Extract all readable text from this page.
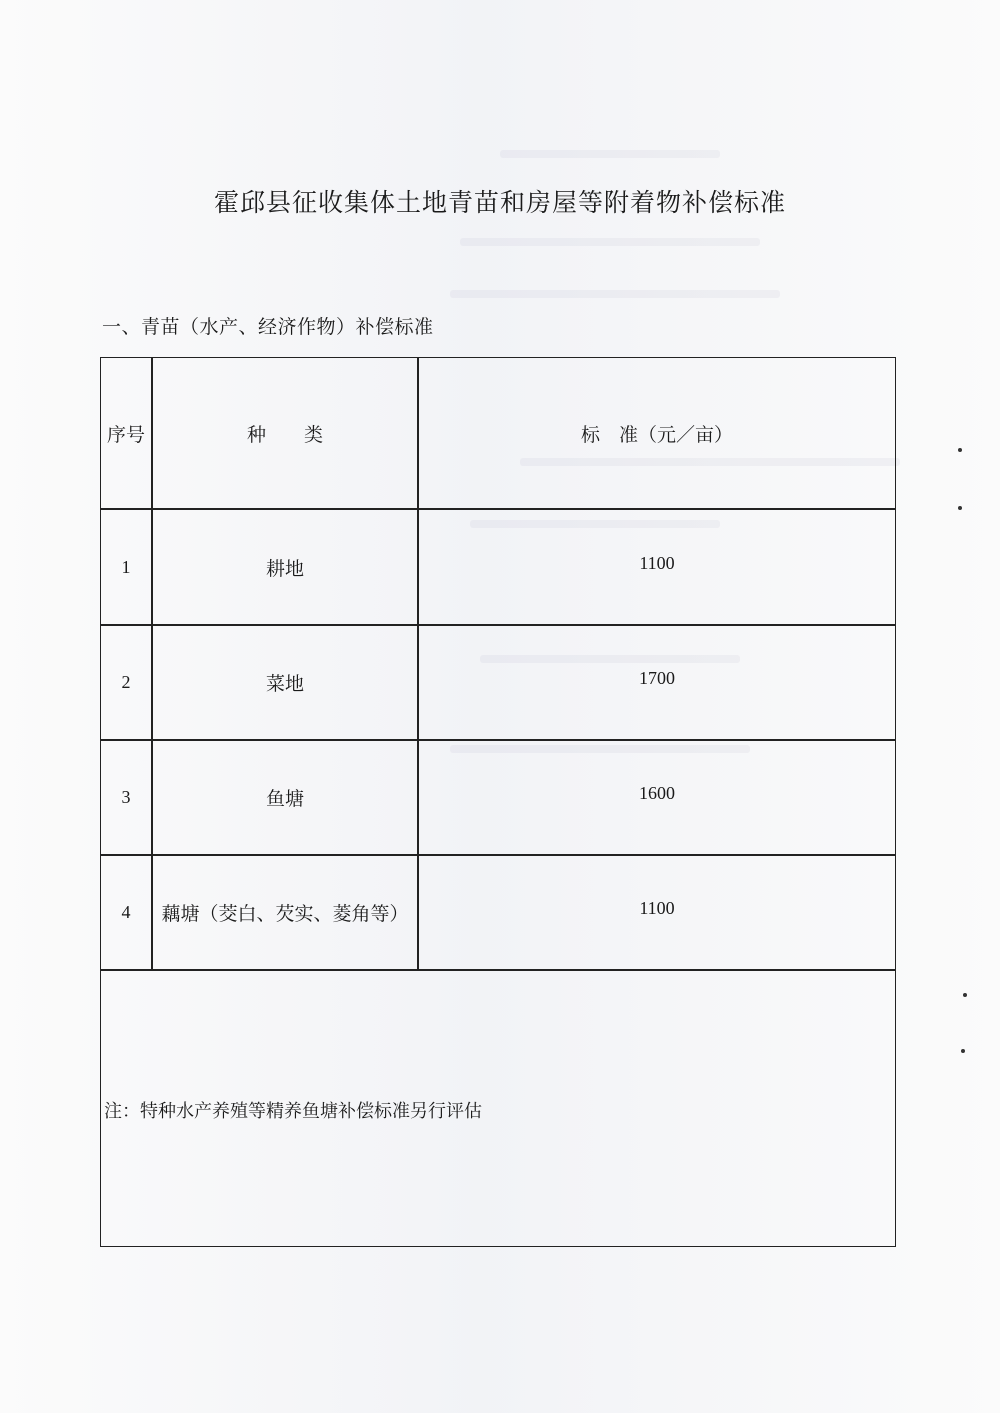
霍邱县征收集体土地青苗和房屋等附着物补偿标准
一、青苗（水产、经济作物）补偿标准
序号	种　　类	标　准（元／亩）
1	耕地	1100
2	菜地	1700
3	鱼塘	1600
4	藕塘（茭白、芡实、菱角等）	1100
注：特种水产养殖等精养鱼塘补偿标准另行评估
